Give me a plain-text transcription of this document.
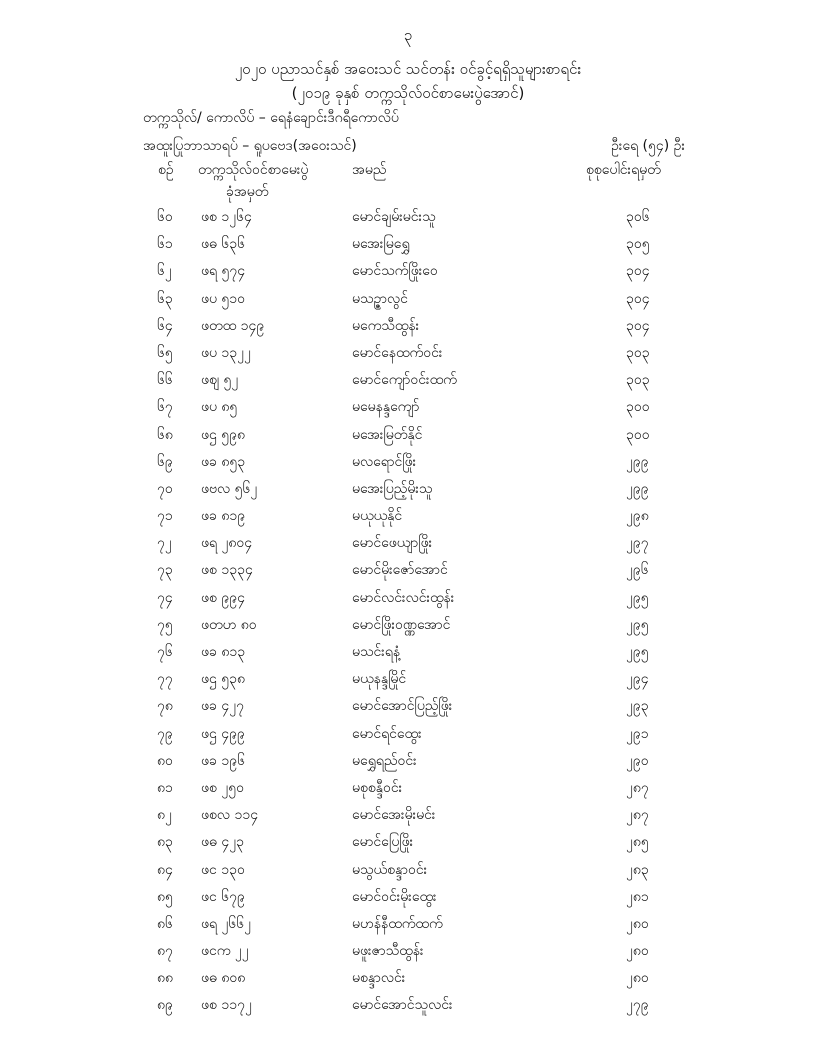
၃
၂၀၂၀ ပညာသင်နှစ် အဝေးသင် သင်တန်း ဝင်ခွင့်ရရှိသူများစာရင်း
(၂၀၁၉ ခုနှစ် တက္ကသိုလ်ဝင်စာမေးပွဲအောင်)
တက္ကသိုလ်/ ကောလိပ် – ရေနံချောင်းဒီဂရီကောလိပ်
အထူးပြုဘာသာရပ် – ရူပဗေဒ(အဝေးသင်)	ဦးရေ (၅၄) ဦး
စဉ် တက္ကသိုလ်ဝင်စာမေးပွဲ
ခုံအမှတ်
အမည်	စုစုပေါင်းရမှတ်
၆၀ ဖစ ၁၂၆၄	မောင်ချမ်းမင်းသူ	၃၀၆
၆၁ ဖဓ ၆၃၆	မအေးမြရွှေ	၃၀၅
၆၂ ဖရ ၅၇၄	မောင်သက်ဖြိုးဝေ	၃၀၄
၆၃ ဖပ ၅၁၀	မသဉ္ဇာလွင်	၃၀၄
၆၄ ဖတထ ၁၄၉	မကေသီထွန်း	၃၀၄
၆၅ ဖပ ၁၃၂၂	မောင်နေထက်ဝင်း	၃၀၃
၆၆ ဖစျ ၅၂	မောင်ကျော်ဝင်းထက်	၃၀၃
၆၇ ဖပ ၈၅	မမေနန္ဒကျော်	၃၀၀
၆၈ ဖဌ ၅၉၈	မအေးမြတ်နိုင်	၃၀၀
၆၉ ဖခ ၈၅၃	မလရောင်ဖြိုး	၂၉၉
၇၀ ဖဗလ ၅၆၂	မအေးပြည့်မိုးသူ	၂၉၉
၇၁ ဖခ ၈၁၉	မယုယုနိုင်	၂၉၈
၇၂ ဖရ ၂၈၀၄	မောင်ဖေယျာဖြိုး	၂၉၇
၇၃ ဖစ ၁၃၃၄	မောင်မိုးဇော်အောင်	၂၉၆
၇၄ ဖစ ၉၉၄	မောင်လင်းလင်းထွန်း	၂၉၅
၇၅ ဖတဟ ၈၀	မောင်ဖြိုးဝဏ္ဏအောင်	၂၉၅
၇၆ ဖခ ၈၁၃	မသင်းရနံ့	၂၉၅
၇၇ ဖဌ ၅၃၈	မယုနန္ဒမြိုင်	၂၉၄
၇၈ ဖခ ၄၂၇	မောင်အောင်ပြည့်ဖြိုး	၂၉၃
၇၉ ဖဌ ၄၉၉	မောင်ရင်ထွေး	၂၉၁
၈၀ ဖခ ၁၉၆	မရွှေရည်ဝင်း	၂၉၀
၈၁ ဖစ ၂၅၀	မစုစန္ဒီဝင်း	၂၈၇
၈၂ ဖစလ ၁၁၄	မောင်အေးမိုးမင်း	၂၈၇
၈၃ ဖဓ ၄၂၃	မောင်ပြေဖြိုး	၂၈၅
၈၄ ဖင ၁၃၀	မသွယ်စန္ဒာဝင်း	၂၈၃
၈၅ ဖင ၆၇၉	မောင်ဝင်းမိုးထွေး	၂၈၁
၈၆ ဖရ ၂၆၆၂	မဟန်နီထက်ထက်	၂၈၀
၈၇ ဖငက ၂၂	မဖူးဇာသီထွန်း	၂၈၀
၈၈ ဖဓ ၈၀၈	မစန္ဒာလင်း	၂၈၀
၈၉ ဖစ ၁၁၇၂	မောင်အောင်သူလင်း	၂၇၉
